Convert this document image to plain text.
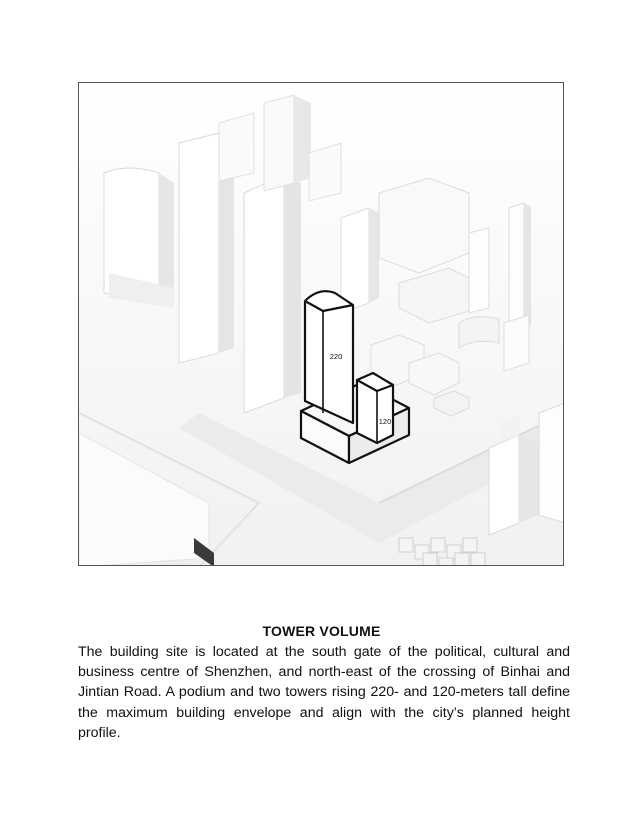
220
120
TOWER VOLUME
The building site is located at the south gate of the political, cultural and business centre of Shenzhen, and north-east of the crossing of Binhai and Jintian Road. A podium and two towers rising 220- and 120-meters tall define the maximum building envelope and align with the city’s planned height profile.
